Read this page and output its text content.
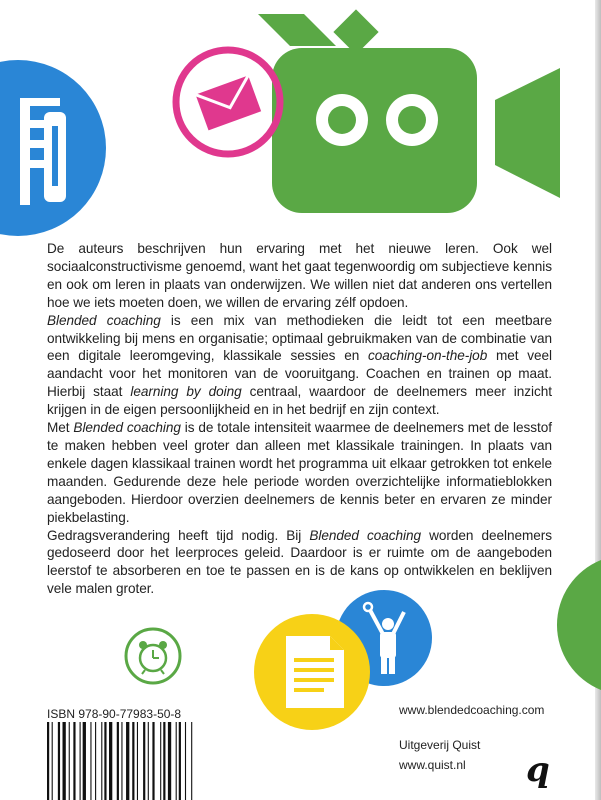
De auteurs beschrijven hun ervaring met het nieuwe leren. Ook wel sociaalconstructivisme genoemd, want het gaat tegenwoordig om subjectieve kennis en ook om leren in plaats van onderwijzen. We willen niet dat anderen ons vertellen hoe we iets moeten doen, we willen de ervaring zélf opdoen.

Blended coaching is een mix van methodieken die leidt tot een meetbare ontwikkeling bij mens en organisatie; optimaal gebruikmaken van de combinatie van een digitale leeromgeving, klassikale sessies en coaching-on-the-job met veel aandacht voor het monitoren van de vooruitgang. Coachen en trainen op maat. Hierbij staat learning by doing centraal, waardoor de deelnemers meer inzicht krijgen in de eigen persoonlijkheid en in het bedrijf en zijn context.

Met Blended coaching is de totale intensiteit waarmee de deelnemers met de lesstof te maken hebben veel groter dan alleen met klassikale trainingen. In plaats van enkele dagen klassikaal trainen wordt het programma uit elkaar getrokken tot enkele maanden. Gedurende deze hele periode worden overzichtelijke informatieblokken aangeboden. Hierdoor overzien deelnemers de kennis beter en ervaren ze minder piekbelasting.

Gedragsverandering heeft tijd nodig. Bij Blended coaching worden deelnemers gedoseerd door het leerproces geleid. Daardoor is er ruimte om de aangeboden leerstof te absorberen en toe te passen en is de kans op ontwikkelen en beklijven vele malen groter.

ISBN 978-90-77983-50-8	www.blendedcoaching.com
Uitgeverij Quist
www.quist.nl q
